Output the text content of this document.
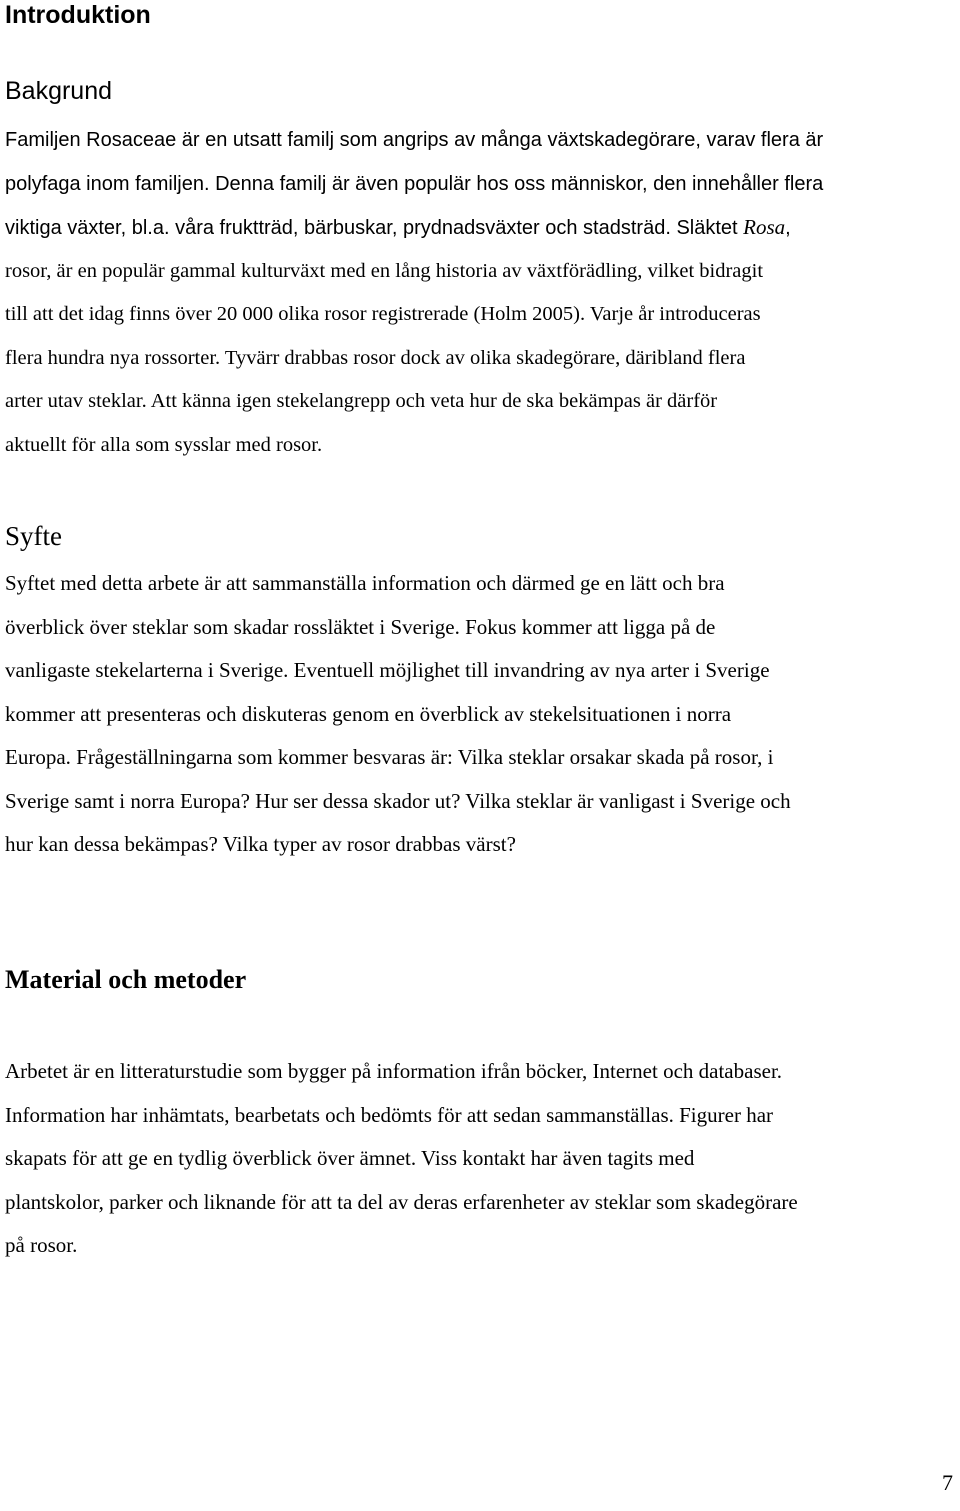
Introduktion
Bakgrund
Familjen Rosaceae är en utsatt familj som angrips av många växtskadegörare, varav flera är
polyfaga inom familjen. Denna familj är även populär hos oss människor, den innehåller flera
viktiga växter, bl.a. våra fruktträd, bärbuskar, prydnadsväxter och stadsträd. Släktet Rosa,
rosor, är en populär gammal kulturväxt med en lång historia av växtförädling, vilket bidragit
till att det idag finns över 20 000 olika rosor registrerade (Holm 2005). Varje år introduceras
flera hundra nya rossorter. Tyvärr drabbas rosor dock av olika skadegörare, däribland flera
arter utav steklar. Att känna igen stekelangrepp och veta hur de ska bekämpas är därför
aktuellt för alla som sysslar med rosor.
Syfte
Syftet med detta arbete är att sammanställa information och därmed ge en lätt och bra
överblick över steklar som skadar rossläktet i Sverige. Fokus kommer att ligga på de
vanligaste stekelarterna i Sverige. Eventuell möjlighet till invandring av nya arter i Sverige
kommer att presenteras och diskuteras genom en överblick av stekelsituationen i norra
Europa. Frågeställningarna som kommer besvaras är: Vilka steklar orsakar skada på rosor, i
Sverige samt i norra Europa? Hur ser dessa skador ut? Vilka steklar är vanligast i Sverige och
hur kan dessa bekämpas? Vilka typer av rosor drabbas värst?
Material och metoder
Arbetet är en litteraturstudie som bygger på information ifrån böcker, Internet och databaser.
Information har inhämtats, bearbetats och bedömts för att sedan sammanställas. Figurer har
skapats för att ge en tydlig överblick över ämnet. Viss kontakt har även tagits med
plantskolor, parker och liknande för att ta del av deras erfarenheter av steklar som skadegörare
på rosor.
7
